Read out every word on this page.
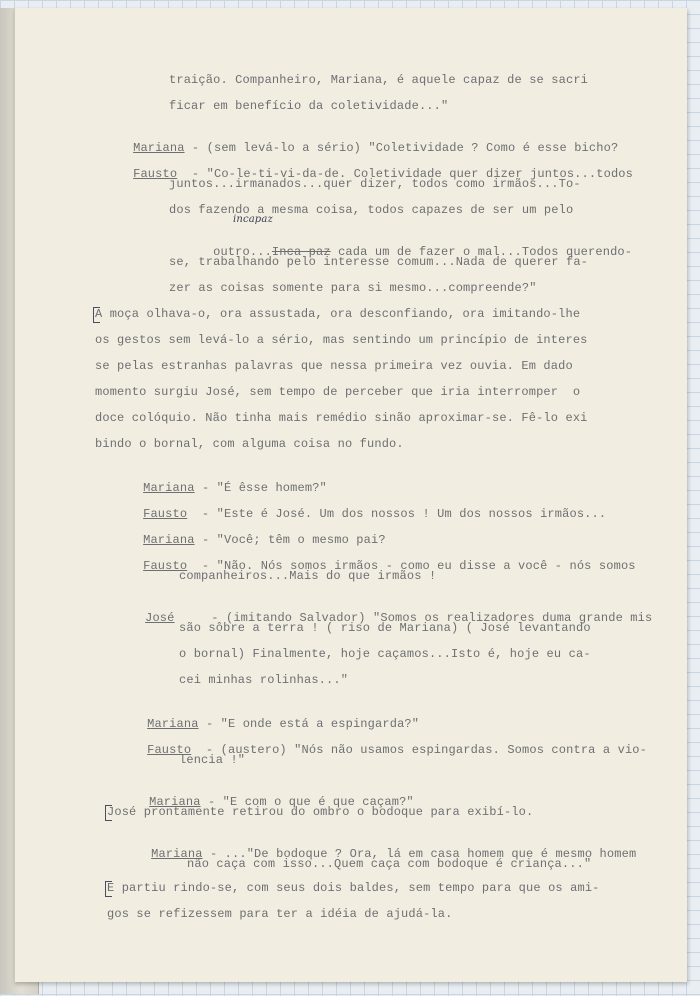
traição. Companheiro, Mariana, é aquele capaz de se sacri
ficar em benefício da coletividade..."

Mariana - (sem levá-lo a sério) "Coletividade ? Como é esse bicho?

Fausto - "Co-le-ti-vi-da-de. Coletividade quer dizer juntos...todos

juntos...irmanados...quer dizer, todos como irmãos...To-
dos fazendo a mesma coisa, todos capazes de ser um pelo

outro...Inca paz cada um de fazer o mal...Todos querendo-

incapaz
se, trabalhando pelo interesse comum...Nada de querer fa-
zer as coisas somente para si mesmo...compreende?"
A moça olhava-o, ora assustada, ora desconfiando, ora imitando-lhe
os gestos sem levá-lo a sério, mas sentindo um princípio de interes
se pelas estranhas palavras que nessa primeira vez ouvia. Em dado
momento surgiu José, sem tempo de perceber que iria interromper  o
doce colóquio. Não tinha mais remédio sinão aproximar-se. Fê-lo exi
bindo o bornal, com alguma coisa no fundo.

Mariana - "É êsse homem?"

Fausto - "Este é José. Um dos nossos ! Um dos nossos irmãos...

Mariana - "Você; têm o mesmo pai?

Fausto - "Não. Nós somos irmãos - como eu disse a você - nós somos

companheiros...Mais do que irmãos !

José	- (imitando Salvador) "Somos os realizadores duma grande mis

são sôbre a terra ! ( riso de Mariana) ( José levantando
o bornal) Finalmente, hoje caçamos...Isto é, hoje eu ca-
cei minhas rolinhas..."

Mariana - "E onde está a espingarda?"

Fausto - (austero) "Nós não usamos espingardas. Somos contra a vio-

lencia !"

Mariana - "E com o que é que caçam?"

José prontamente retirou do ombro o bodoque para exibí-lo.

Mariana - ..."De bodoque ? Ora, lá em casa homem que é mesmo homem

não caça com isso...Quem caça com bodoque é criança..."
E partiu rindo-se, com seus dois baldes, sem tempo para que os ami-
gos se refizessem para ter a idéia de ajudá-la.
